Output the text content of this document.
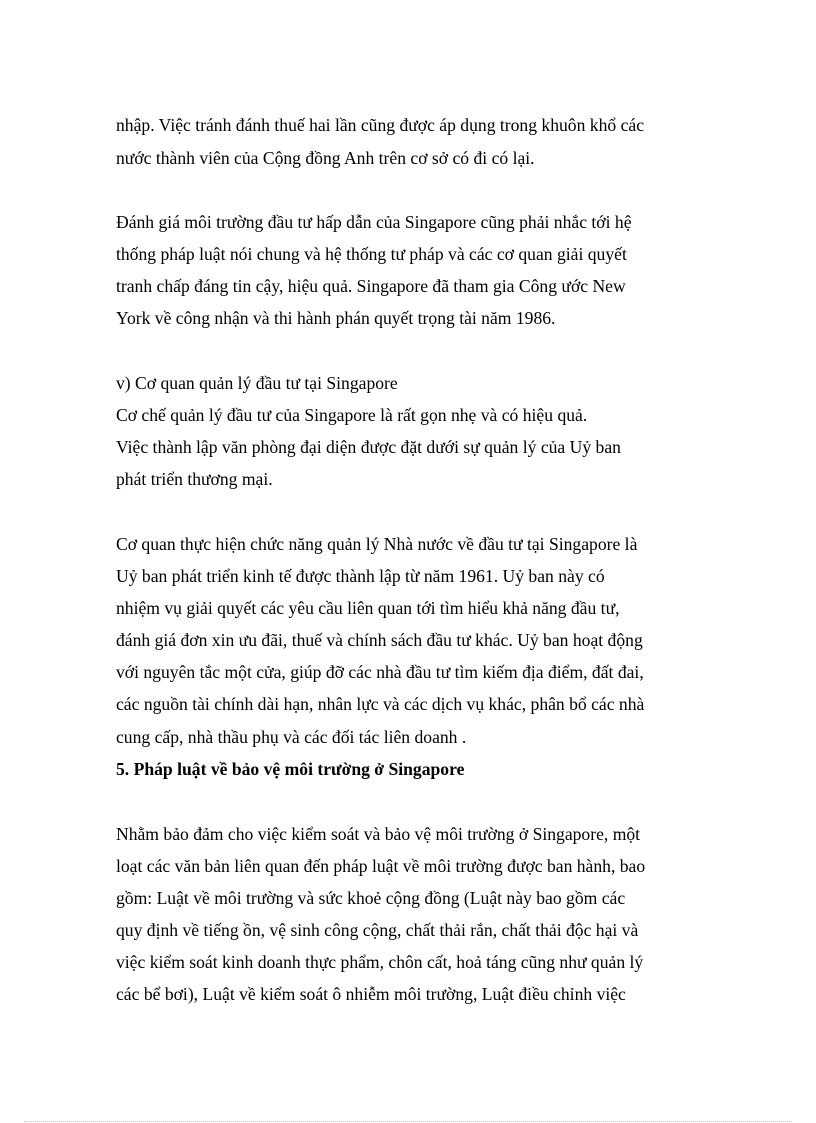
nhập. Việc tránh đánh thuế hai lần cũng được áp dụng trong khuôn khổ các
nước thành viên của Cộng đồng Anh trên cơ sở có đi có lại.
Đánh giá môi trường đầu tư hấp dẫn của Singapore cũng phải nhắc tới hệ
thống pháp luật nói chung và hệ thống tư pháp và các cơ quan giải quyết
tranh chấp đáng tin cậy, hiệu quả. Singapore đã tham gia Công ước New
York về công nhận và thi hành phán quyết trọng tài năm 1986.
v) Cơ quan quản lý đầu tư tại Singapore
Cơ chế quản lý đầu tư của Singapore là rất gọn nhẹ và có hiệu quả.
Việc thành lập văn phòng đại diện được đặt dưới sự quản lý của Uỷ ban
phát triển thương mại.
Cơ quan thực hiện chức năng quản lý Nhà nước về đầu tư tại Singapore là
Uỷ ban phát triển kinh tế được thành lập từ năm 1961. Uỷ ban này có
nhiệm vụ giải quyết các yêu cầu liên quan tới tìm hiểu khả năng đầu tư,
đánh giá đơn xin ưu đãi, thuế và chính sách đầu tư khác. Uỷ ban hoạt động
với nguyên tắc một cửa, giúp đỡ các nhà đầu tư tìm kiếm địa điểm, đất đai,
các nguồn tài chính dài hạn, nhân lực và các dịch vụ khác, phân bổ các nhà
cung cấp, nhà thầu phụ và các đối tác liên doanh .
5. Pháp luật về bảo vệ môi trường ở Singapore
Nhằm bảo đảm cho việc kiểm soát và bảo vệ môi trường ở Singapore, một
loạt các văn bản liên quan đến pháp luật về môi trường được ban hành, bao
gồm: Luật về môi trường và sức khoẻ cộng đồng (Luật này bao gồm các
quy định về tiếng ồn, vệ sinh công cộng, chất thải rắn, chất thải độc hại và
việc kiểm soát kinh doanh thực phẩm, chôn cất, hoả táng cũng như quản lý
các bể bơi), Luật về kiểm soát ô nhiễm môi trường, Luật điều chỉnh việc
